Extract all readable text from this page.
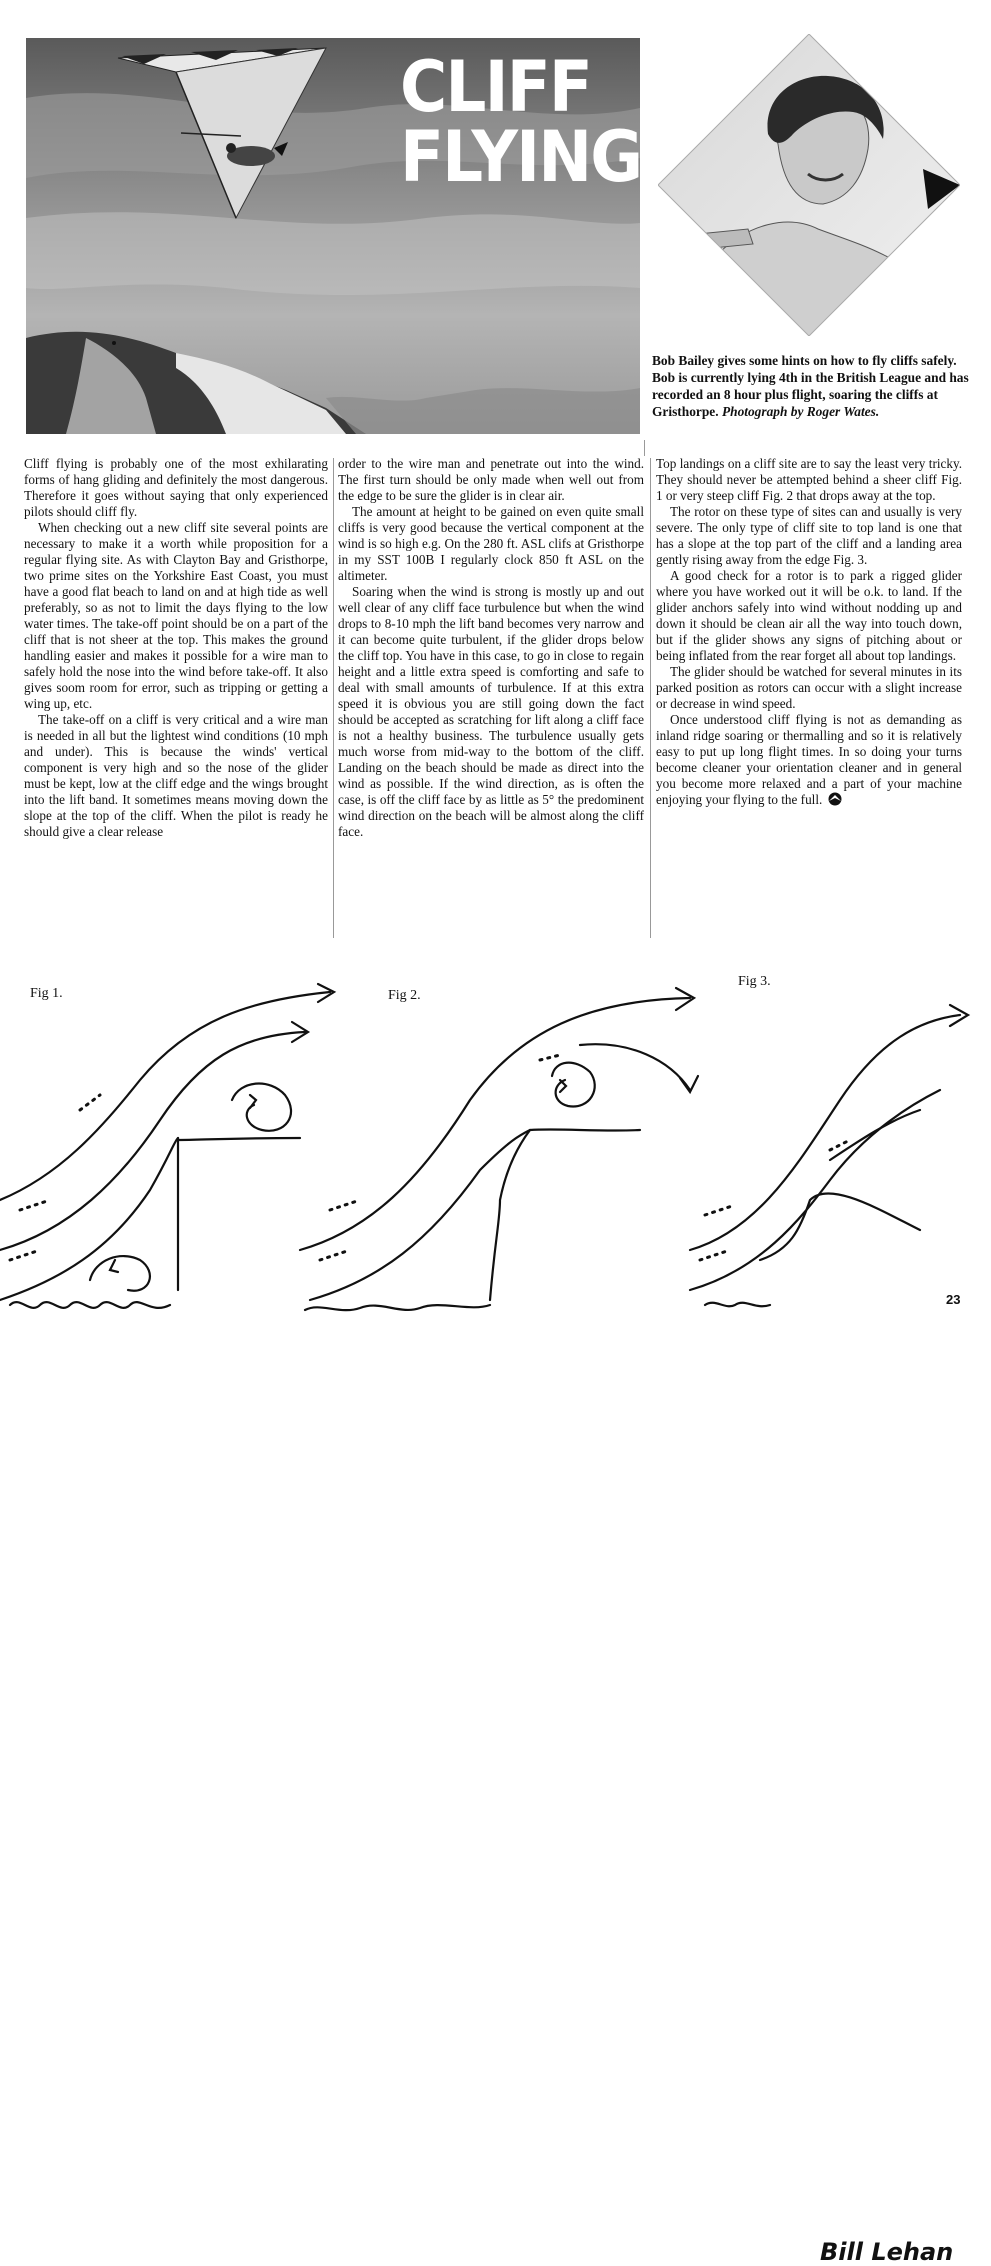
CLIFF
FLYING
Bob Bailey gives some hints on how to fly cliffs safely. Bob is currently lying 4th in the British League and has recorded an 8 hour plus flight, soaring the cliffs at Gristhorpe. Photograph by Roger Wates.

Cliff flying is probably one of the most exhilarating forms of hang gliding and definitely the most dangerous. Therefore it goes without saying that only experienced pilots should cliff fly.

When checking out a new cliff site several points are necessary to make it a worth while proposition for a regular flying site. As with Clayton Bay and Gristhorpe, two prime sites on the Yorkshire East Coast, you must have a good flat beach to land on and at high tide as well preferably, so as not to limit the days flying to the low water times. The take-off point should be on a part of the cliff that is not sheer at the top. This makes the ground handling easier and makes it possible for a wire man to safely hold the nose into the wind before take-off. It also gives soom room for error, such as tripping or getting a wing up, etc.

The take-off on a cliff is very critical and a wire man is needed in all but the lightest wind conditions (10 mph and under). This is because the winds' vertical component is very high and so the nose of the glider must be kept, low at the cliff edge and the wings brought into the lift band. It sometimes means moving down the slope at the top of the cliff. When the pilot is ready he should give a clear release

order to the wire man and penetrate out into the wind. The first turn should be only made when well out from the edge to be sure the glider is in clear air.

The amount at height to be gained on even quite small cliffs is very good because the vertical component at the wind is so high e.g. On the 280 ft. ASL clifs at Gristhorpe in my SST 100B I regularly clock 850 ft ASL on the altimeter.

Soaring when the wind is strong is mostly up and out well clear of any cliff face turbulence but when the wind drops to 8-10 mph the lift band becomes very narrow and it can become quite turbulent, if the glider drops below the cliff top. You have in this case, to go in close to regain height and a little extra speed is comforting and safe to deal with small amounts of turbulence. If at this extra speed it is obvious you are still going down the fact should be accepted as scratching for lift along a cliff face is not a healthy business. The turbulence usually gets much worse from mid-way to the bottom of the cliff. Landing on the beach should be made as direct into the wind as possible. If the wind direction, as is often the case, is off the cliff face by as little as 5° the predominent wind direction on the beach will be almost along the cliff face.

Top landings on a cliff site are to say the least very tricky. They should never be attempted behind a sheer cliff Fig. 1 or very steep cliff Fig. 2 that drops away at the top.

The rotor on these type of sites can and usually is very severe. The only type of cliff site to top land is one that has a slope at the top part of the cliff and a landing area gently rising away from the edge Fig. 3.

A good check for a rotor is to park a rigged glider where you have worked out it will be o.k. to land. If the glider anchors safely into wind without nodding up and down it should be clean air all the way into touch down, but if the glider shows any signs of pitching about or being inflated from the rear forget all about top landings.

The glider should be watched for several minutes in its parked position as rotors can occur with a slight increase or decrease in wind speed.

Once understood cliff flying is not as demanding as inland ridge soaring or thermalling and so it is relatively easy to put up long flight times. In so doing your turns become cleaner your orientation cleaner and in general you become more relaxed and a part of your machine enjoying your flying to the full.

Fig 1.	Fig 2.
Fig 3.
Bill Lehan
23
